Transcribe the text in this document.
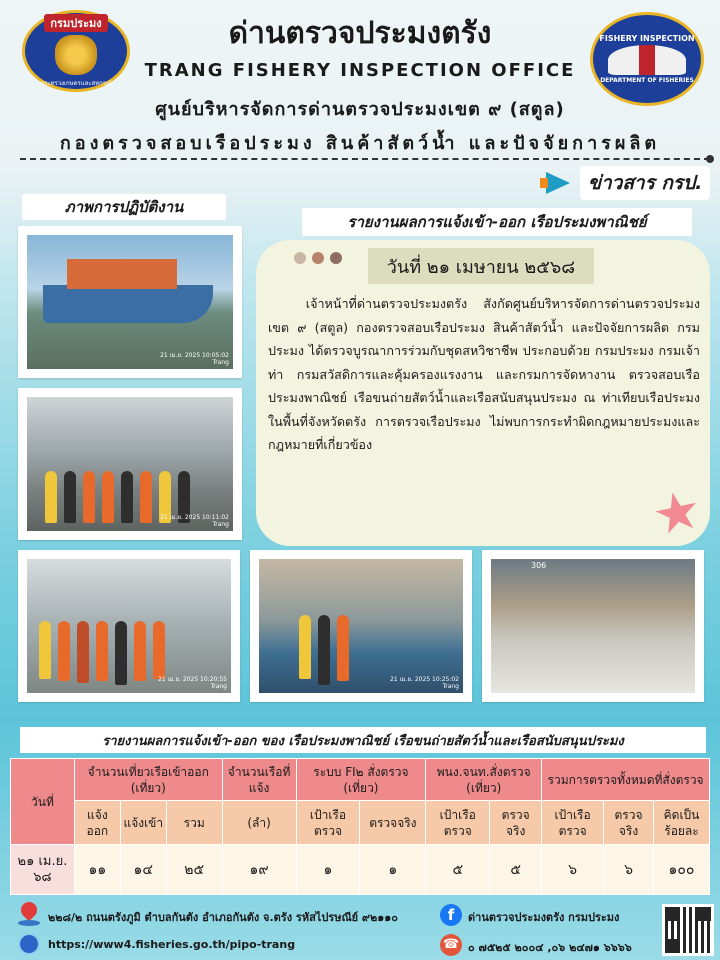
กรมประมง
กระทรวงเกษตรและสหกรณ์
FISHERY INSPECTION
DEPARTMENT OF FISHERIES
ด่านตรวจประมงตรัง
TRANG FISHERY INSPECTION OFFICE
ศูนย์บริหารจัดการด่านตรวจประมงเขต ๙ (สตูล)
กองตรวจสอบเรือประมง สินค้าสัตว์น้ำ และปัจจัยการผลิต
ข่าวสาร กรป.
ภาพการปฏิบัติงาน
รายงานผลการแจ้งเข้า-ออก เรือประมงพาณิชย์
21 เม.ย. 2025 10:05:02
Trang
21 เม.ย. 2025 10:11:02
Trang
21 เม.ย. 2025 10:20:55
Trang
21 เม.ย. 2025 10:25:02
Trang
306
วันที่ ๒๑ เมษายน ๒๕๖๘
เจ้าหน้าที่ด่านตรวจประมงตรัง สังกัดศูนย์บริหารจัดการด่านตรวจประมง เขต ๙ (สตูล) กองตรวจสอบเรือประมง สินค้าสัตว์น้ำ และปัจจัยการผลิต กรมประมง ได้ตรวจบูรณาการร่วมกับชุดสหวิชาชีพ ประกอบด้วย กรมประมง กรมเจ้าท่า กรมสวัสดิการและคุ้มครองแรงงาน และกรมการจัดหางาน ตรวจสอบเรือประมงพาณิชย์ เรือขนถ่ายสัตว์น้ำและเรือสนับสนุนประมง ณ ท่าเทียบเรือประมงในพื้นที่จังหวัดตรัง การตรวจเรือประมง ไม่พบการกระทำผิดกฎหมายประมงและกฎหมายที่เกี่ยวข้อง
★
รายงานผลการแจ้งเข้า-ออก ของ เรือประมงพาณิชย์ เรือขนถ่ายสัตว์น้ำและเรือสนับสนุนประมง
วันที่	จำนวนเที่ยวเรือเข้าออก (เที่ยว)			จำนวนเรือที่แจ้ง	ระบบ FI๒ สั่งตรวจ (เที่ยว)		พนง.จนท.สั่งตรวจ (เที่ยว)		รวมการตรวจทั้งหมดที่สั่งตรวจ		
	แจ้งออก	แจ้งเข้า	รวม	(ลำ)	เป้าเรือตรวจ	ตรวจจริง	เป้าเรือตรวจ	ตรวจจริง	เป้าเรือตรวจ	ตรวจจริง	คิดเป็นร้อยละ
๒๑ เม.ย. ๖๘	๑๑	๑๔	๒๕	๑๙	๑	๑	๕	๕	๖	๖	๑๐๐
๒๒๘/๒ ถนนตรังภูมิ ตำบลกันตัง อำเภอกันตัง จ.ตรัง รหัสไปรษณีย์ ๙๒๑๑๐	f	ด่านตรวจประมงตรัง กรมประมง
https://www4.fisheries.go.th/pipo-trang	☎ ๐ ๗๕๒๕ ๒๐๐๔ ,๐๖ ๒๔๗๑ ๖๖๖๖
